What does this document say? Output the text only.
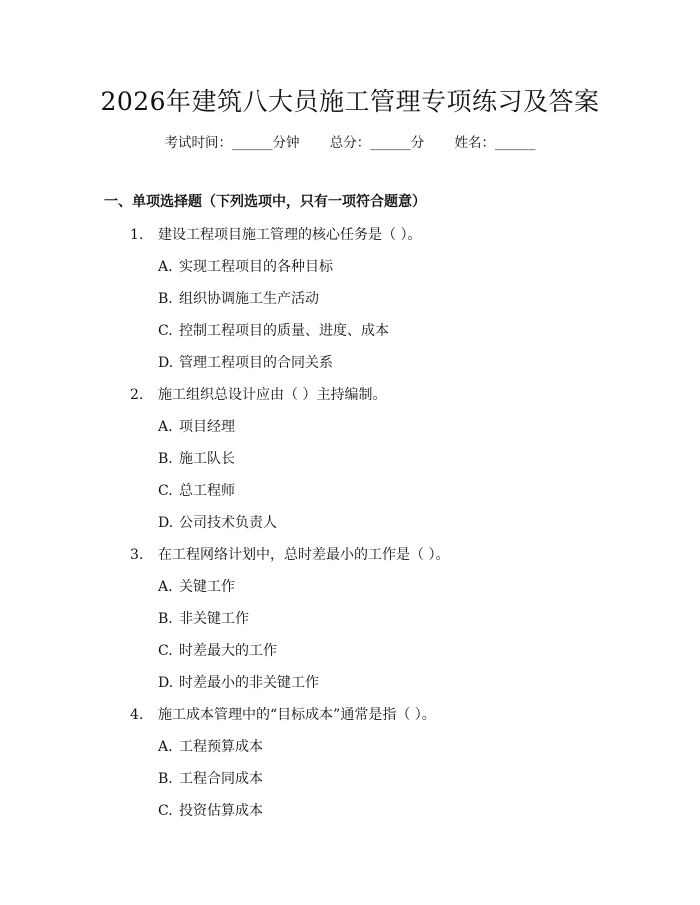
2026年建筑八大员施工管理专项练习及答案
考试时间：______分钟 总分：______分 姓名：______
一、单项选择题（下列选项中，只有一项符合题意）
1. 建设工程项目施工管理的核心任务是（ ）。
A. 实现工程项目的各种目标
B. 组织协调施工生产活动
C. 控制工程项目的质量、进度、成本
D. 管理工程项目的合同关系
2. 施工组织总设计应由（ ）主持编制。
A. 项目经理
B. 施工队长
C. 总工程师
D. 公司技术负责人
3. 在工程网络计划中，总时差最小的工作是（ ）。
A. 关键工作
B. 非关键工作
C. 时差最大的工作
D. 时差最小的非关键工作
4. 施工成本管理中的“目标成本”通常是指（ ）。
A. 工程预算成本
B. 工程合同成本
C. 投资估算成本
